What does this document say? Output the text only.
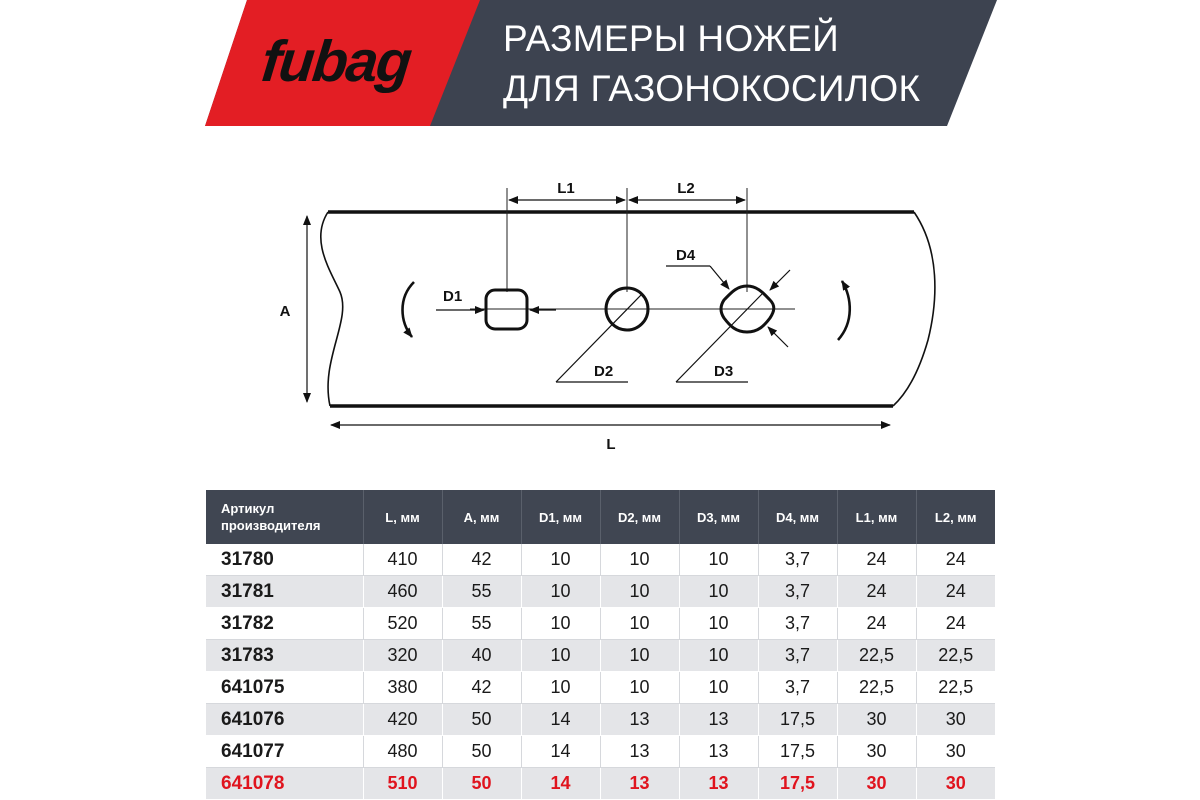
fubag РАЗМЕРЫ НОЖЕЙ
ДЛЯ ГАЗОНОКОСИЛОК
L1	L2
A
L
D1
D2	D3
D4
Артикул производителя	L, мм	A, мм	D1, мм	D2, мм	D3, мм	D4, мм	L1, мм	L2, мм
31780	410	42	10	10	10	3,7	24	24
31781	460	55	10	10	10	3,7	24	24
31782	520	55	10	10	10	3,7	24	24
31783	320	40	10	10	10	3,7	22,5	22,5
641075	380	42	10	10	10	3,7	22,5	22,5
641076	420	50	14	13	13	17,5	30	30
641077	480	50	14	13	13	17,5	30	30
641078	510	50	14	13	13	17,5	30	30
